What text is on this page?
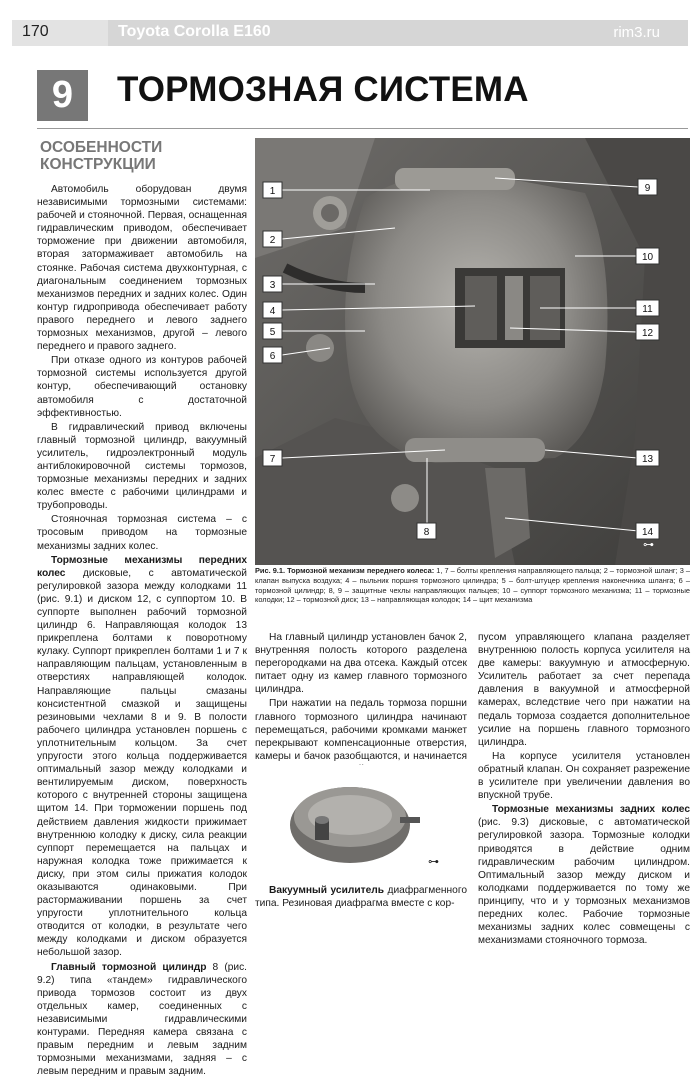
170	Toyota Corolla E160	rim3.ru
9	ТОРМОЗНАЯ СИСТЕМА
ОСОБЕННОСТИ КОНСТРУКЦИИ

Автомобиль оборудован двумя независимыми тормозными системами: рабочей и стояночной. Первая, оснащенная гидравлическим приводом, обеспечивает торможение при движении автомобиля, вторая затормаживает автомобиль на стоянке. Рабочая система двухконтурная, с диагональным соединением тормозных механизмов передних и задних колес. Один контур гидропривода обеспечивает работу правого переднего и левого заднего тормозных механизмов, другой – левого переднего и правого заднего.

При отказе одного из контуров рабочей тормозной системы используется другой контур, обеспечивающий остановку автомобиля с достаточной эффективностью.

В гидравлический привод включены главный тормозной цилиндр, вакуумный усилитель, гидроэлектронный модуль антиблокировочной системы тормозов, тормозные механизмы передних и задних колес вместе с рабочими цилиндрами и трубопроводы.

Стояночная тормозная система – с тросовым приводом на тормозные механизмы задних колес.

Тормозные механизмы передних колес дисковые, с автоматической регулировкой зазора между колодками 11 (рис. 9.1) и диском 12, с суппортом 10. В суппорте выполнен рабочий тормозной цилиндр 6. Направляющая колодок 13 прикреплена болтами к поворотному кулаку. Суппорт прикреплен болтами 1 и 7 к направляющим пальцам, установленным в отверстиях направляющей колодок. Направляющие пальцы смазаны консистентной смазкой и защищены резиновыми чехлами 8 и 9. В полости рабочего цилиндра установлен поршень с уплотнительным кольцом. За счет упругости этого кольца поддерживается оптимальный зазор между колодками и вентилируемым диском, поверхность которого с внутренней стороны защищена щитом 14. При торможении поршень под действием давления жидкости прижимает внутреннюю колодку к диску, сила реакции суппорт перемещается на пальцах и наружная колодка тоже прижимается к диску, при этом силы прижатия колодок оказываются одинаковыми. При растормаживании поршень за счет упругости уплотнительного кольца отводится от колодки, в результате чего между колодками и диском образуется небольшой зазор.

Главный тормозной цилиндр 8 (рис. 9.2) типа «тандем» гидравлического привода тормозов состоит из двух отдельных камер, соединенных с независимыми гидравлическими контурами. Передняя камера связана с правым передним и левым задним тормозными механизмами, задняя – с левым передним и правым задним.

⊶
1
2
3
4
5
6
7
8
9
10
11
12
13
14
Рис. 9.1. Тормозной механизм переднего колеса: 1, 7 – болты крепления направляющего пальца; 2 – тормозной шланг; 3 – клапан выпуска воздуха; 4 – пыльник поршня тормозного цилиндра; 5 – болт-штуцер крепления наконечника шланга; 6 – тормозной цилиндр; 8, 9 – защитные чехлы направляющих пальцев; 10 – суппорт тормозного механизма; 11 – тормозные колодки; 12 – тормозной диск; 13 – направляющая колодок; 14 – щит механизма

На главный цилиндр установлен бачок 2, внутренняя полость которого разделена перегородками на два отсека. Каждый отсек питает одну из камер главного тормозного цилиндра.

При нажатии на педаль тормоза поршни главного тормозного цилиндра начинают перемещаться, рабочими кромками манжет перекрывают компенсационные отверстия, камеры и бачок разобщаются, и начинается

⊶

Вакуумный усилитель диафрагменного типа. Резиновая диафрагма вместе с кор-

пусом управляющего клапана разделяет внутреннюю полость корпуса усилителя на две камеры: вакуумную и атмосферную. Усилитель работает за счет перепада давления в вакуумной и атмосферной камерах, вследствие чего при нажатии на педаль тормоза создается дополнительное усилие на поршень главного тормозного цилиндра.

На корпусе усилителя установлен обратный клапан. Он сохраняет разрежение в усилителе при увеличении давления во впускной трубе.

Тормозные механизмы задних колес (рис. 9.3) дисковые, с автоматической регулировкой зазора. Тормозные колодки приводятся в действие одним гидравлическим рабочим цилиндром. Оптимальный зазор между диском и колодками поддерживается по тому же принципу, что и у тормозных механизмов передних колес. Рабочие тормозные механизмы задних колес совмещены с механизмами стояночного тормоза.
